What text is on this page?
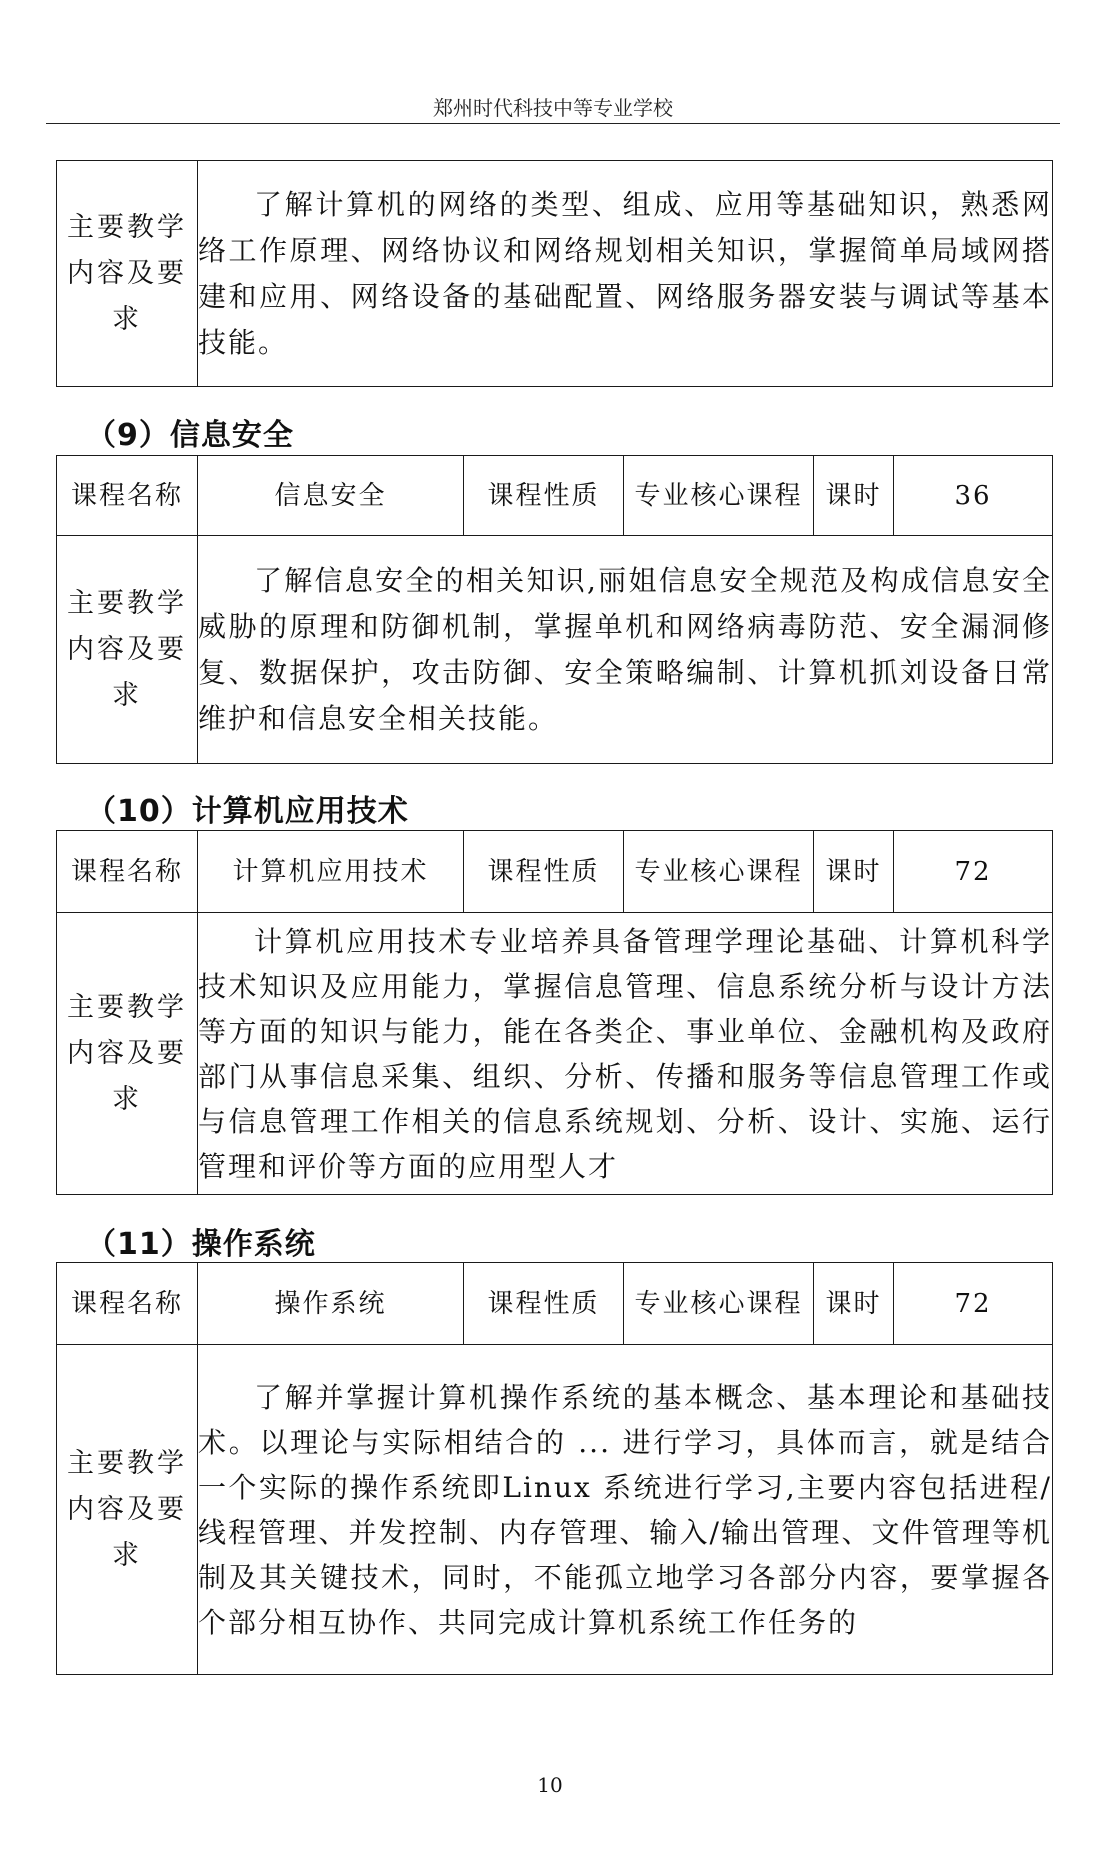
郑州时代科技中等专业学校
主要教学内容及要求	了解计算机的网络的类型、组成、应用等基础知识，熟悉网络工作原理、网络协议和网络规划相关知识，掌握简单局域网搭建和应用、网络设备的基础配置、网络服务器安装与调试等基本技能。
（9）信息安全
课程名称	信息安全	课程性质	专业核心课程	课时	36
主要教学内容及要求	了解信息安全的相关知识,丽姐信息安全规范及构成信息安全威胁的原理和防御机制，掌握单机和网络病毒防范、安全漏洞修复、数据保护，攻击防御、安全策略编制、计算机抓刘设备日常维护和信息安全相关技能。				
（10）计算机应用技术
课程名称	计算机应用技术	课程性质	专业核心课程	课时	72
主要教学内容及要求	计算机应用技术专业培养具备管理学理论基础、计算机科学技术知识及应用能力，掌握信息管理、信息系统分析与设计方法等方面的知识与能力，能在各类企、事业单位、金融机构及政府部门从事信息采集、组织、分析、传播和服务等信息管理工作或与信息管理工作相关的信息系统规划、分析、设计、实施、运行管理和评价等方面的应用型人才				
（11）操作系统
课程名称	操作系统	课程性质	专业核心课程	课时	72
主要教学内容及要求	了解并掌握计算机操作系统的基本概念、基本理论和基础技术。以理论与实际相结合的 ... 进行学习，具体而言，就是结合一个实际的操作系统即Linux 系统进行学习,主要内容包括进程/线程管理、并发控制、内存管理、输入/输出管理、文件管理等机制及其关键技术，同时，不能孤立地学习各部分内容，要掌握各个部分相互协作、共同完成计算机系统工作任务的				
10
